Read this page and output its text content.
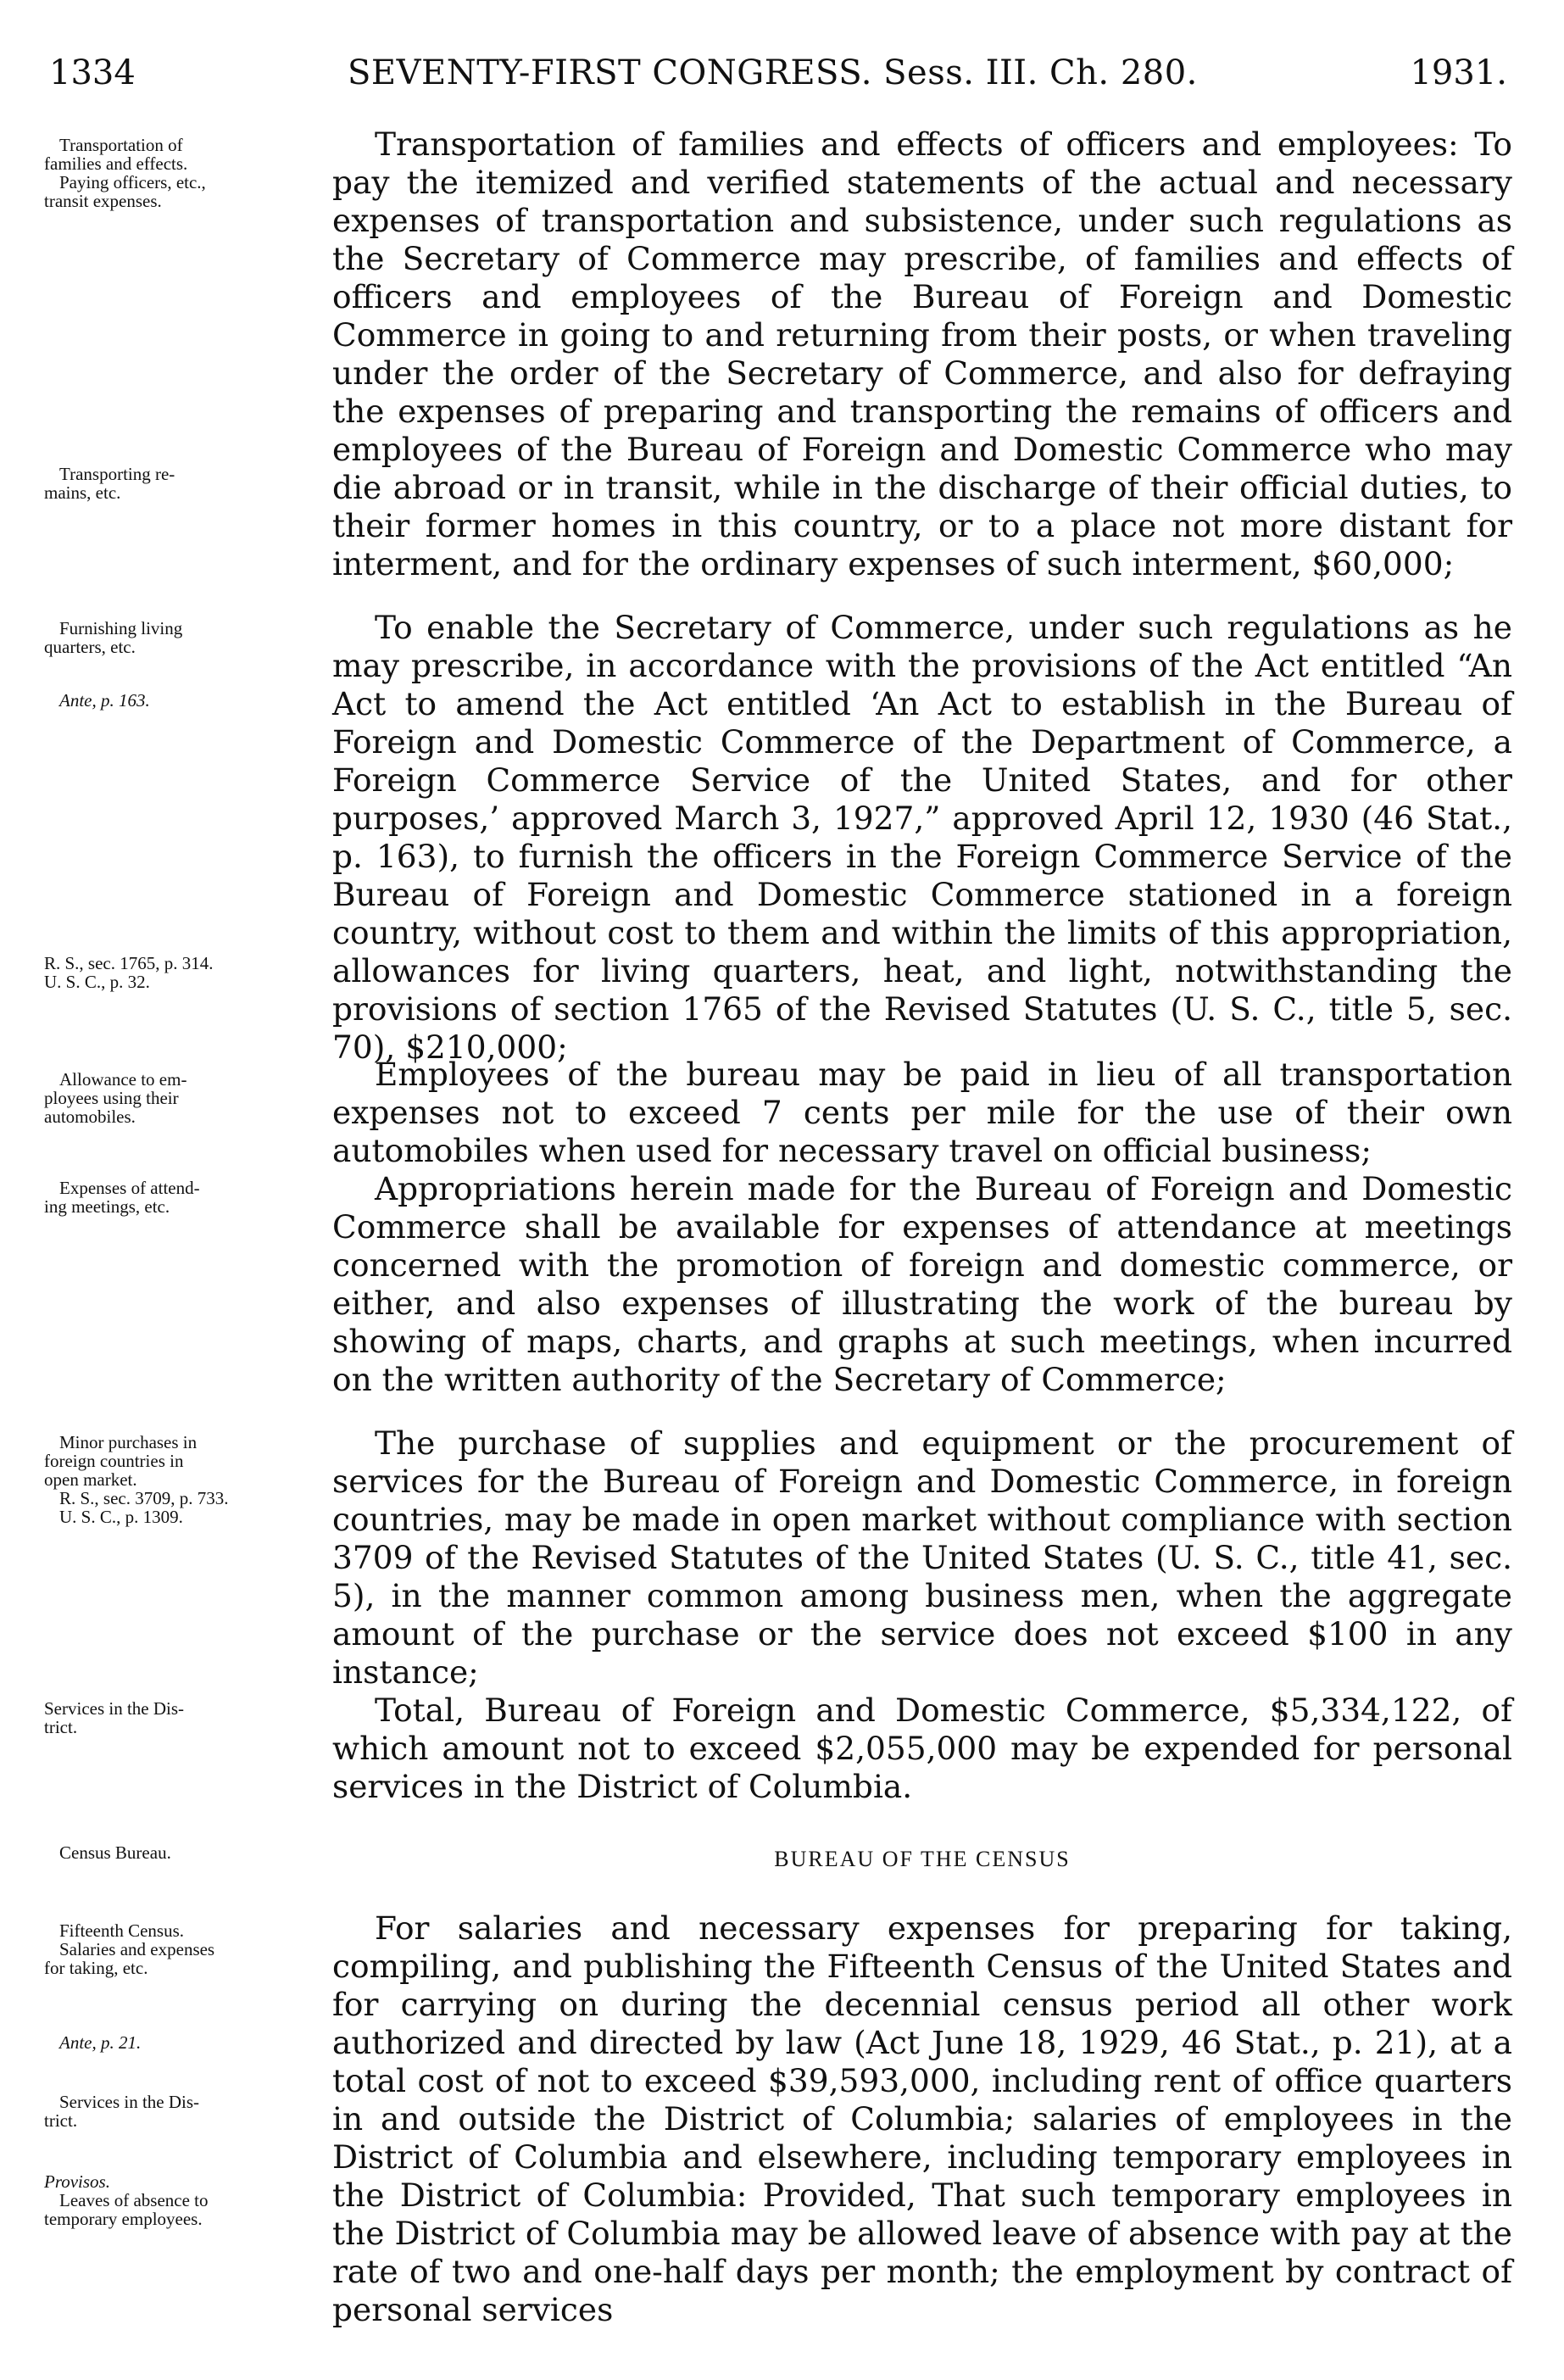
1334	SEVENTY-FIRST CONGRESS. Sess. III. Ch. 280.	1931.
Transportation of
families and effects.
Paying officers, etc.,
transit expenses.
Transporting re-
mains, etc.
Furnishing living
quarters, etc.
Ante, p. 163.
R. S., sec. 1765, p. 314.
U. S. C., p. 32.
Allowance to em-
ployees using their
automobiles.
Expenses of attend-
ing meetings, etc.
Minor purchases in
foreign countries in
open market.
R. S., sec. 3709, p. 733.
U. S. C., p. 1309.
Services in the Dis-
trict.
Census Bureau.
Fifteenth Census.
Salaries and expenses
for taking, etc.
Ante, p. 21.
Services in the Dis-
trict.
Provisos.
Leaves of absence to
temporary employees.
Transportation of families and effects of officers and employees: To pay the itemized and verified statements of the actual and necessary expenses of transportation and subsistence, under such regulations as the Secretary of Commerce may prescribe, of families and effects of officers and employees of the Bureau of Foreign and Domestic Commerce in going to and returning from their posts, or when traveling under the order of the Secretary of Commerce, and also for defraying the expenses of preparing and transporting the remains of officers and employees of the Bureau of Foreign and Domestic Commerce who may die abroad or in transit, while in the discharge of their official duties, to their former homes in this country, or to a place not more distant for interment, and for the ordinary expenses of such interment, $60,000;
To enable the Secretary of Commerce, under such regulations as he may prescribe, in accordance with the provisions of the Act entitled “An Act to amend the Act entitled ‘An Act to establish in the Bureau of Foreign and Domestic Commerce of the Department of Commerce, a Foreign Commerce Service of the United States, and for other purposes,’ approved March 3, 1927,” approved April 12, 1930 (46 Stat., p. 163), to furnish the officers in the Foreign Commerce Service of the Bureau of Foreign and Domestic Commerce stationed in a foreign country, without cost to them and within the limits of this appropriation, allowances for living quarters, heat, and light, notwithstanding the provisions of section 1765 of the Revised Statutes (U. S. C., title 5, sec. 70), $210,000;
Employees of the bureau may be paid in lieu of all transportation expenses not to exceed 7 cents per mile for the use of their own automobiles when used for necessary travel on official business;
Appropriations herein made for the Bureau of Foreign and Domestic Commerce shall be available for expenses of attendance at meetings concerned with the promotion of foreign and domestic commerce, or either, and also expenses of illustrating the work of the bureau by showing of maps, charts, and graphs at such meetings, when incurred on the written authority of the Secretary of Commerce;
The purchase of supplies and equipment or the procurement of services for the Bureau of Foreign and Domestic Commerce, in foreign countries, may be made in open market without compliance with section 3709 of the Revised Statutes of the United States (U. S. C., title 41, sec. 5), in the manner common among business men, when the aggregate amount of the purchase or the service does not exceed $100 in any instance;
Total, Bureau of Foreign and Domestic Commerce, $5,334,122, of which amount not to exceed $2,055,000 may be expended for personal services in the District of Columbia.
For salaries and necessary expenses for preparing for taking, compiling, and publishing the Fifteenth Census of the United States and for carrying on during the decennial census period all other work authorized and directed by law (Act June 18, 1929, 46 Stat., p. 21), at a total cost of not to exceed $39,593,000, including rent of office quarters in and outside the District of Columbia; salaries of employees in the District of Columbia and elsewhere, including temporary employees in the District of Columbia: Provided, That such temporary employees in the District of Columbia may be allowed leave of absence with pay at the rate of two and one-half days per month; the employment by contract of personal services
BUREAU OF THE CENSUS
